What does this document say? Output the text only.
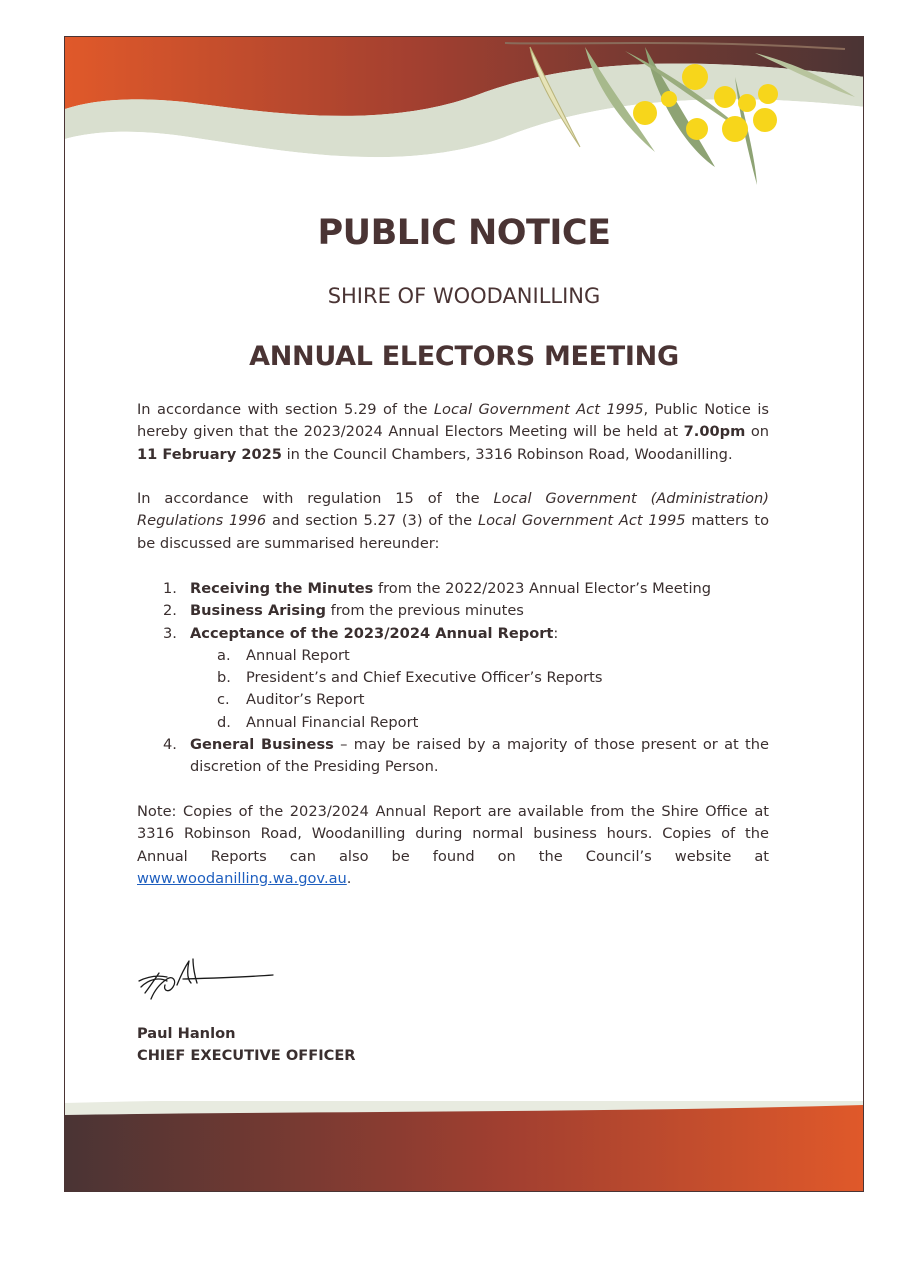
PUBLIC NOTICE
SHIRE OF WOODANILLING
ANNUAL ELECTORS MEETING

In accordance with section 5.29 of the Local Government Act 1995, Public Notice is hereby given that the 2023/2024 Annual Electors Meeting will be held at 7.00pm on 11 February 2025 in the Council Chambers, 3316 Robinson Road, Woodanilling.

In accordance with regulation 15 of the Local Government (Administration) Regulations 1996 and section 5.27 (3) of the Local Government Act 1995 matters to be discussed are summarised hereunder:

1. Receiving the Minutes from the 2022/2023 Annual Elector’s Meeting
2. Business Arising from the previous minutes
3. Acceptance of the 2023/2024 Annual Report:
a. Annual Report
b. President’s and Chief Executive Officer’s Reports
c. Auditor’s Report
d. Annual Financial Report
4. General Business – may be raised by a majority of those present or at the discretion of the Presiding Person.

Note: Copies of the 2023/2024 Annual Report are available from the Shire Office at 3316 Robinson Road, Woodanilling during normal business hours. Copies of the Annual Reports can also be found on the Council’s website at www.woodanilling.wa.gov.au.

Paul Hanlon
CHIEF EXECUTIVE OFFICER
